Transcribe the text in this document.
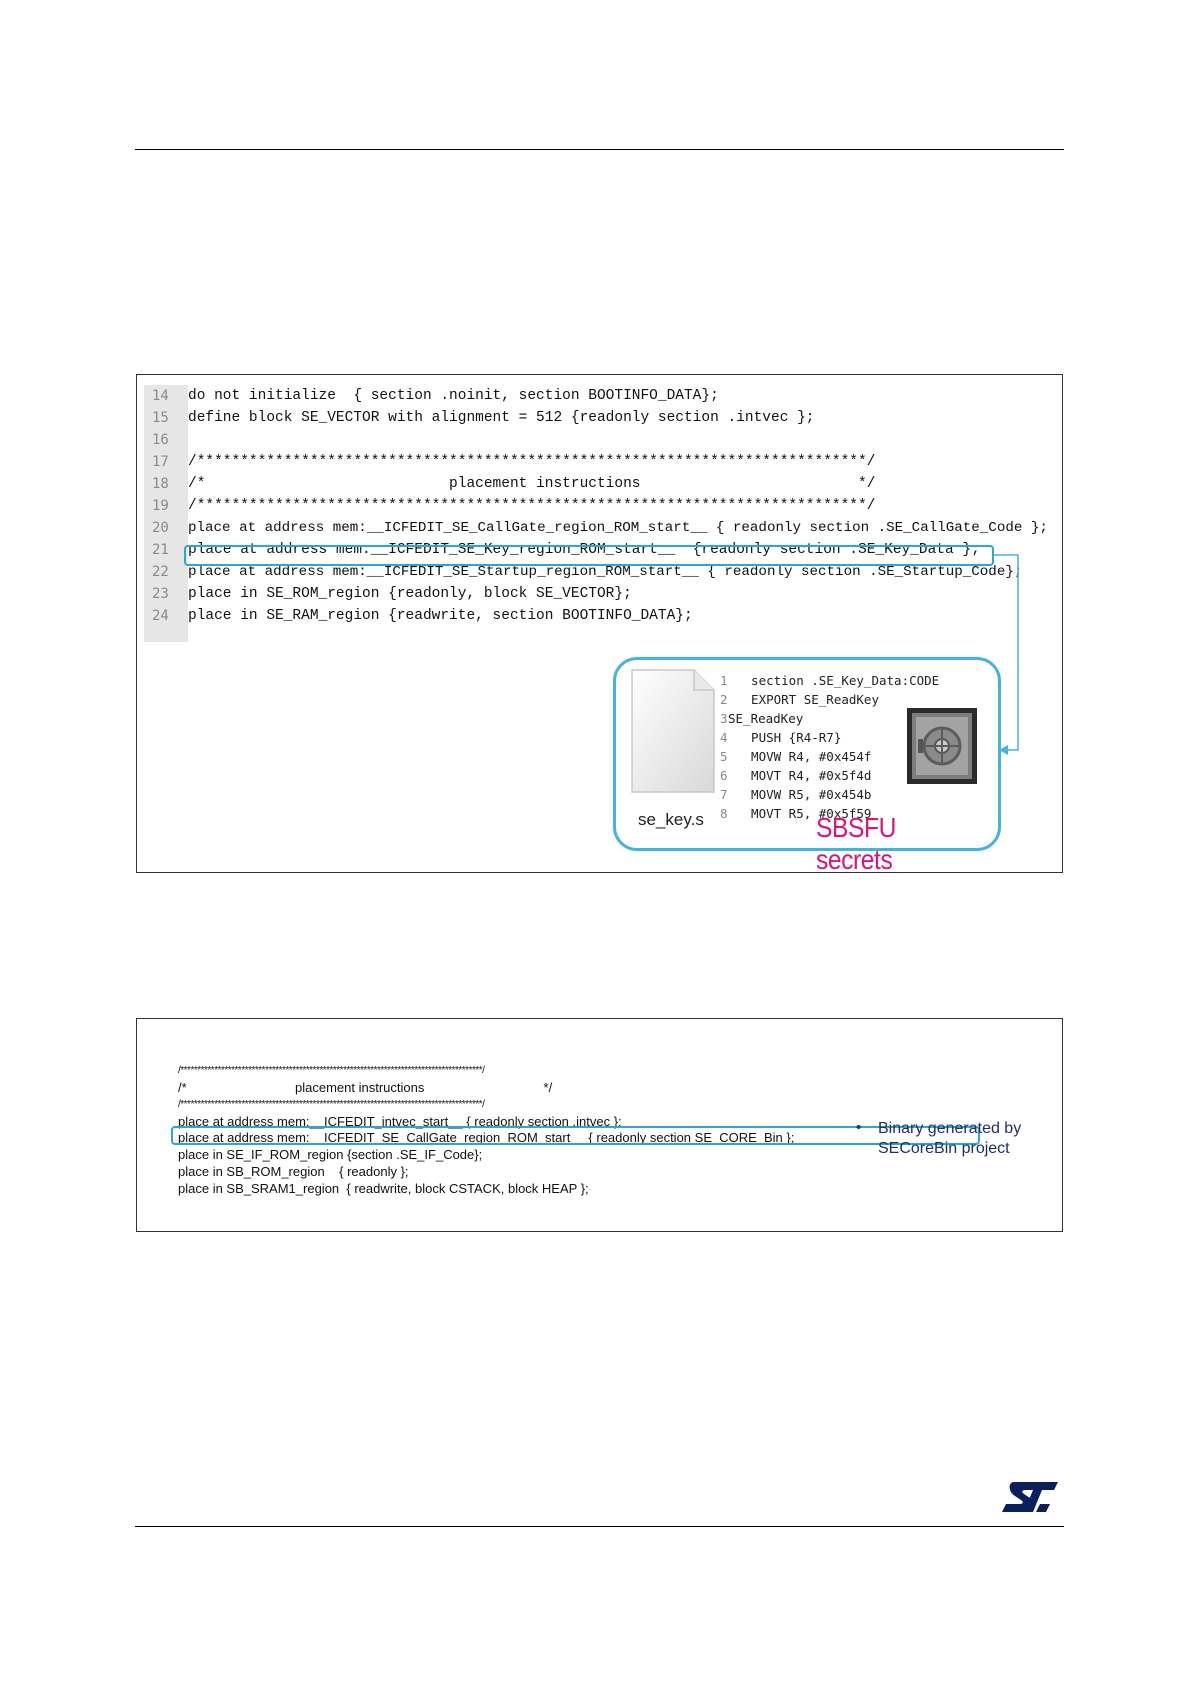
14
15
16
17
18
19
20
21
22
23
24
do not initialize  { section .noinit, section BOOTINFO_DATA};
define block SE_VECTOR with alignment = 512 {readonly section .intvec };
/*****************************************************************************/
/*                            placement instructions                         */
/*****************************************************************************/
place at address mem:__ICFEDIT_SE_CallGate_region_ROM_start__ { readonly section .SE_CallGate_Code };
place at address mem:__ICFEDIT_SE_Key_region_ROM_start__  {readonly section .SE_Key_Data };
place at address mem:__ICFEDIT_SE_Startup_region_ROM_start__ { readonly section .SE_Startup_Code};
place in SE_ROM_region {readonly, block SE_VECTOR};
place in SE_RAM_region {readwrite, section BOOTINFO_DATA};
se_key.s
1
2
3
4
5
6
7
8
section .SE_Key_Data:CODE
EXPORT SE_ReadKey
SE_ReadKey
PUSH {R4-R7}
MOVW R4, #0x454f
MOVT R4, #0x5f4d
MOVW R5, #0x454b
MOVT R5, #0x5f59
SBSFU secrets
/*****************************************************************************************/
/*                              placement instructions                                 */
/*****************************************************************************************/
place at address mem:__ICFEDIT_intvec_start__ { readonly section .intvec };
place at address mem:__ICFEDIT_SE_CallGate_region_ROM_start__ { readonly section SE_CORE_Bin };
place in SE_IF_ROM_region {section .SE_IF_Code};
place in SB_ROM_region    { readonly };
place in SB_SRAM1_region  { readwrite, block CSTACK, block HEAP };
• Binary generated by SECoreBin project
